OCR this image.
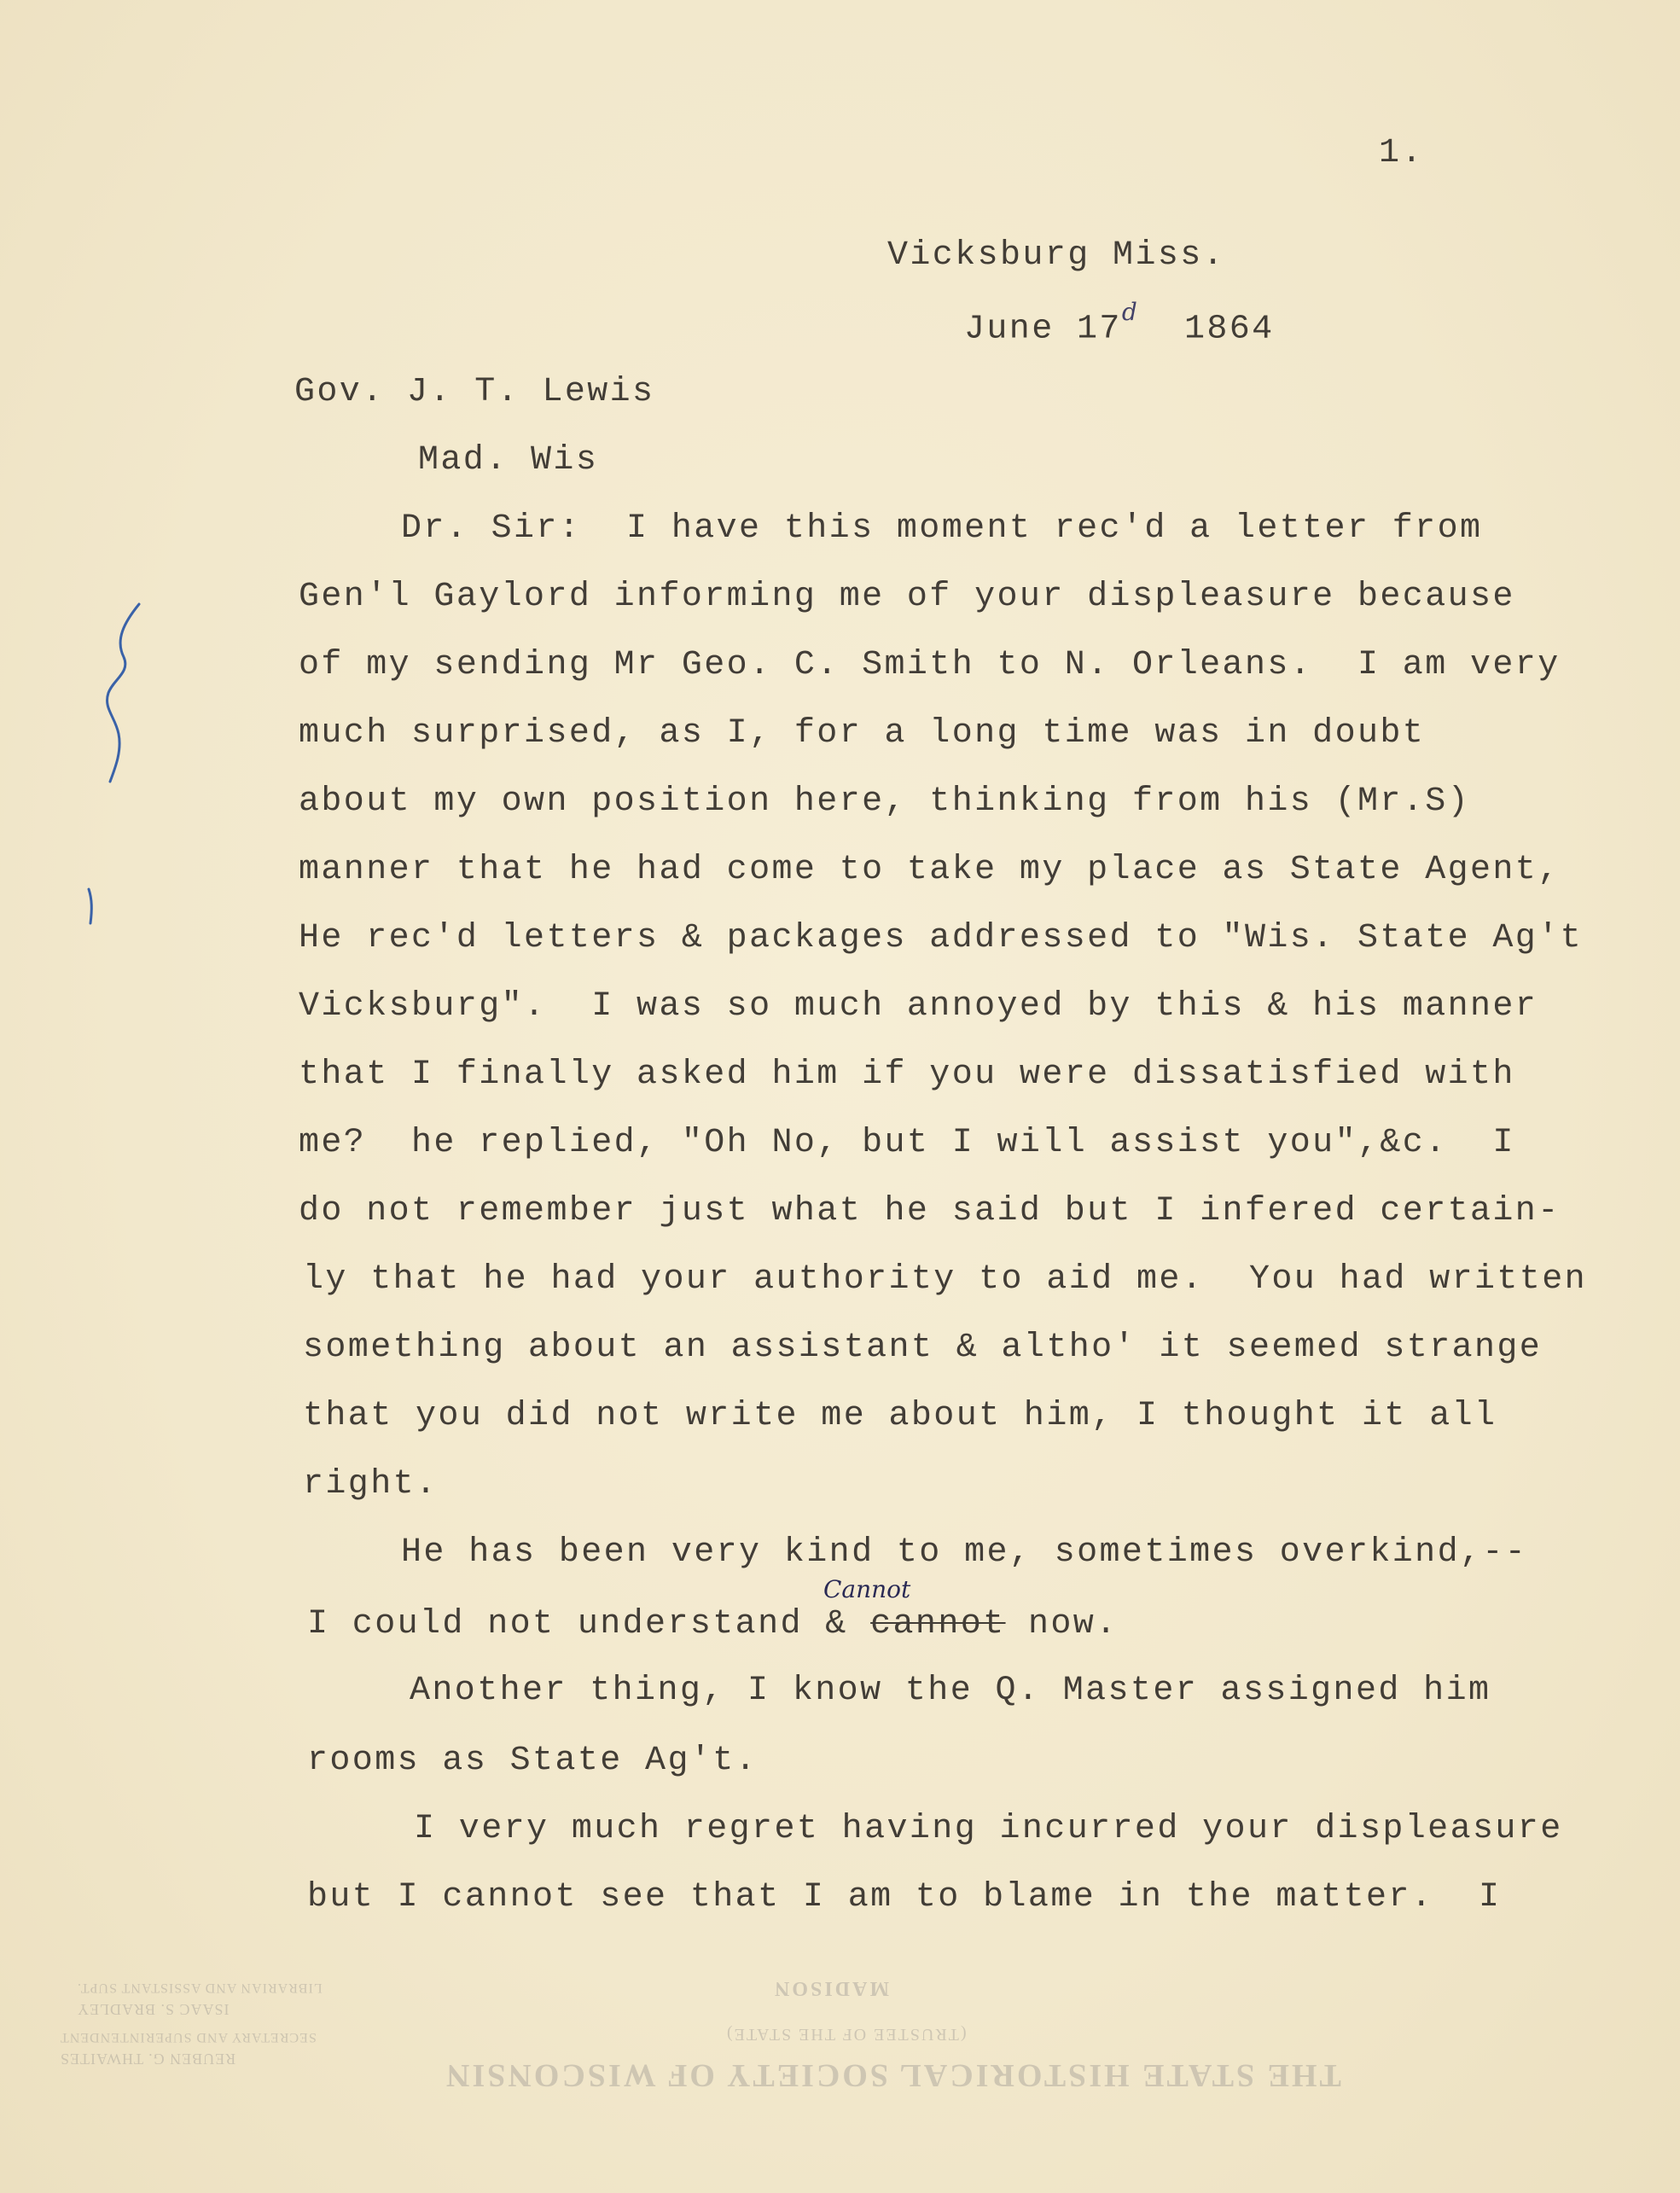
THE STATE HISTORICAL SOCIETY OF WISCONSIN
(TRUSTEE OF THE STATE)
MADISON
REUBEN G. THWAITES
SECRETARY AND SUPERINTENDENT
ISAAC S. BRADLEY
LIBRARIAN AND ASSISTANT SUPT.
1.
Vicksburg Miss.
June 17$^d$ 1864
Gov. J. T. Lewis
Mad. Wis
Dr. Sir:  I have this moment rec'd a letter from
Gen'l Gaylord informing me of your displeasure because
of my sending Mr Geo. C. Smith to N. Orleans.  I am very
much surprised, as I, for a long time was in doubt
about my own position here, thinking from his (Mr.S)
manner that he had come to take my place as State Agent,
He rec'd letters & packages addressed to "Wis. State Ag't
Vicksburg".  I was so much annoyed by this & his manner
that I finally asked him if you were dissatisfied with
me?  he replied, "Oh No, but I will assist you",&c.  I
do not remember just what he said but I infered certain-
ly that he had your authority to aid me.  You had written
something about an assistant & altho' it seemed strange
that you did not write me about him, I thought it all
right.
He has been very kind to me, sometimes overkind,--
I could not understand & cannot now.
Cannot
Another thing, I know the Q. Master assigned him
rooms as State Ag't.
I very much regret having incurred your displeasure
but I cannot see that I am to blame in the matter.  I
